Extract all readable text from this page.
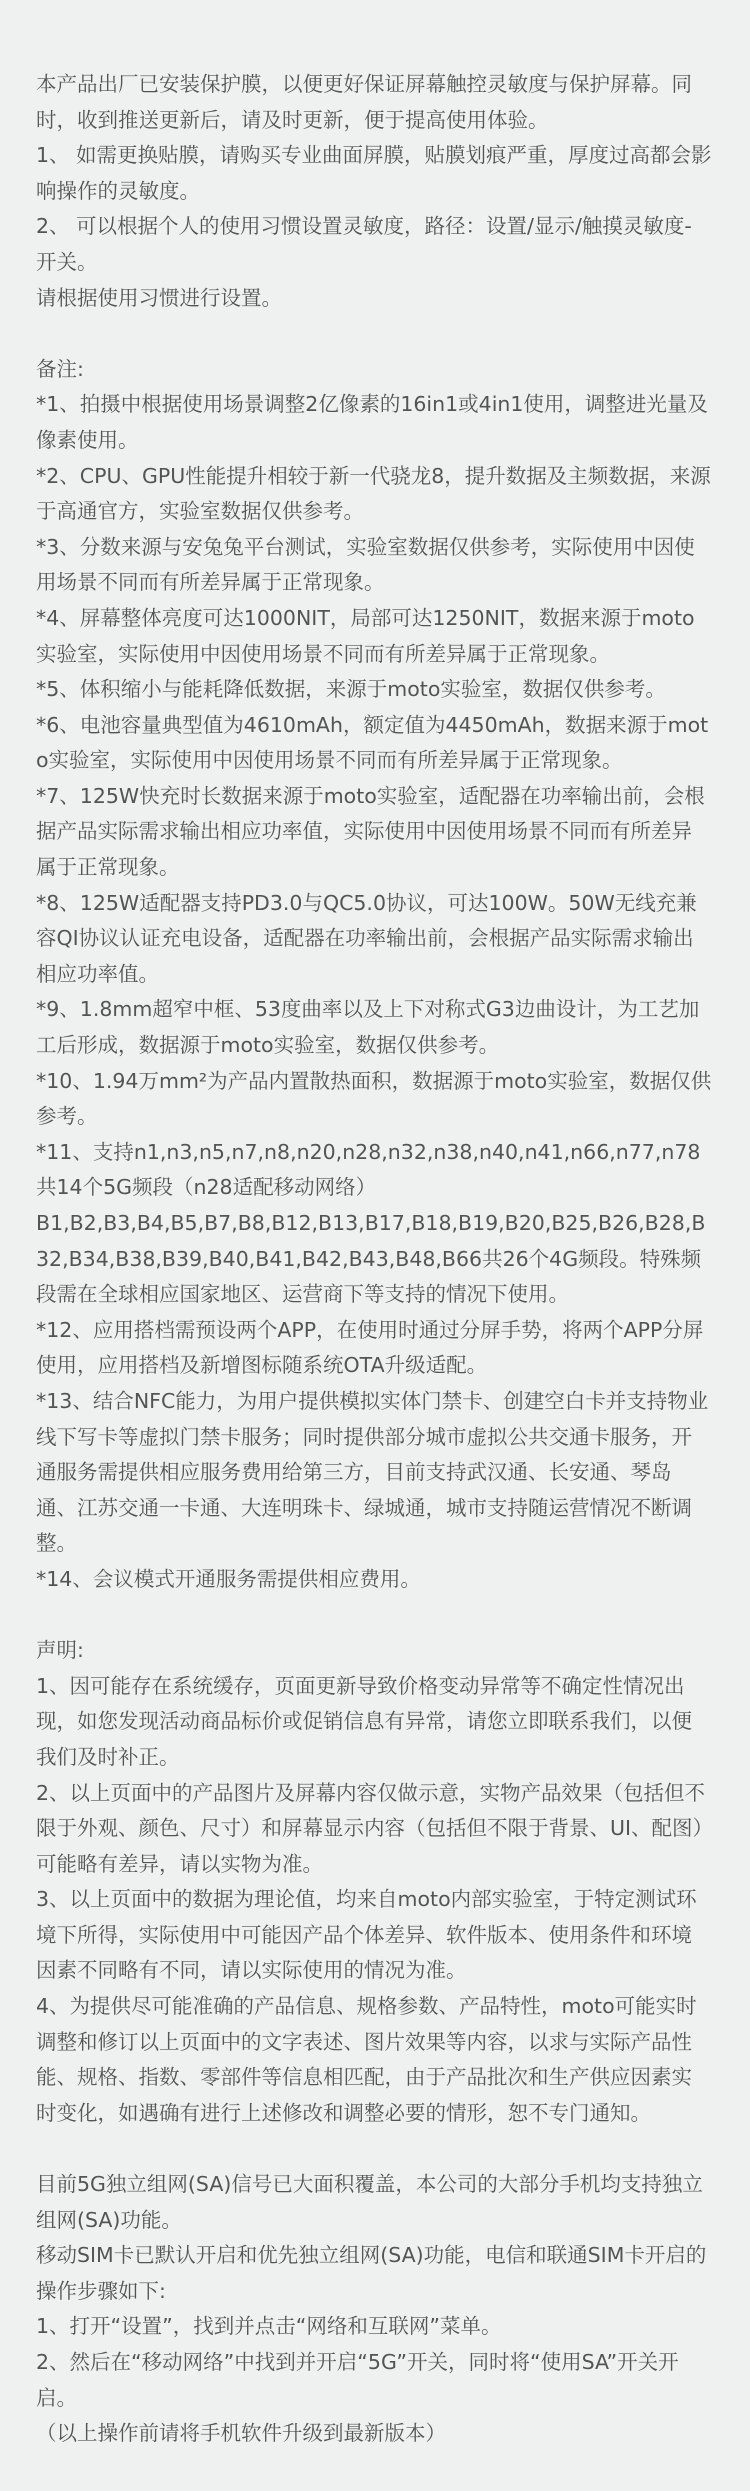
本产品出厂已安装保护膜，以便更好保证屏幕触控灵敏度与保护屏幕。同时，收到推送更新后，请及时更新，便于提高使用体验。

1、 如需更换贴膜，请购买专业曲面屏膜，贴膜划痕严重，厚度过高都会影响操作的灵敏度。

2、 可以根据个人的使用习惯设置灵敏度，路径：设置/显示/触摸灵敏度-开关。

请根据使用习惯进行设置。

备注:

*1、拍摄中根据使用场景调整2亿像素的16in1或4in1使用，调整进光量及像素使用。

*2、CPU、GPU性能提升相较于新一代骁龙8，提升数据及主频数据，来源于高通官方，实验室数据仅供参考。

*3、分数来源与安兔兔平台测试，实验室数据仅供参考，实际使用中因使用场景不同而有所差异属于正常现象。

*4、屏幕整体亮度可达1000NIT，局部可达1250NIT，数据来源于moto实验室，实际使用中因使用场景不同而有所差异属于正常现象。

*5、体积缩小与能耗降低数据，来源于moto实验室，数据仅供参考。

*6、电池容量典型值为4610mAh，额定值为4450mAh，数据来源于moto实验室，实际使用中因使用场景不同而有所差异属于正常现象。

*7、125W快充时长数据来源于moto实验室，适配器在功率输出前，会根据产品实际需求输出相应功率值，实际使用中因使用场景不同而有所差异属于正常现象。

*8、125W适配器支持PD3.0与QC5.0协议，可达100W。50W无线充兼容QI协议认证充电设备，适配器在功率输出前，会根据产品实际需求输出相应功率值。

*9、1.8mm超窄中框、53度曲率以及上下对称式G3边曲设计，为工艺加工后形成，数据源于moto实验室，数据仅供参考。

*10、1.94万mm²为产品内置散热面积，数据源于moto实验室，数据仅供参考。

*11、支持n1,n3,n5,n7,n8,n20,n28,n32,n38,n40,n41,n66,n77,n78共14个5G频段（n28适配移动网络）

B1,B2,B3,B4,B5,B7,B8,B12,B13,B17,B18,B19,B20,B25,B26,B28,B32,B34,B38,B39,B40,B41,B42,B43,B48,B66共26个4G频段。特殊频段需在全球相应国家地区、运营商下等支持的情况下使用。

*12、应用搭档需预设两个APP，在使用时通过分屏手势，将两个APP分屏使用，应用搭档及新增图标随系统OTA升级适配。

*13、结合NFC能力，为用户提供模拟实体门禁卡、创建空白卡并支持物业线下写卡等虚拟门禁卡服务；同时提供部分城市虚拟公共交通卡服务，开通服务需提供相应服务费用给第三方，目前支持武汉通、长安通、琴岛通、江苏交通一卡通、大连明珠卡、绿城通，城市支持随运营情况不断调整。

*14、会议模式开通服务需提供相应费用。

声明:

1、因可能存在系统缓存，页面更新导致价格变动异常等不确定性情况出现，如您发现活动商品标价或促销信息有异常，请您立即联系我们，以便我们及时补正。

2、以上页面中的产品图片及屏幕内容仅做示意，实物产品效果（包括但不限于外观、颜色、尺寸）和屏幕显示内容（包括但不限于背景、UI、配图）可能略有差异，请以实物为准。

3、以上页面中的数据为理论值，均来自moto内部实验室，于特定测试环境下所得，实际使用中可能因产品个体差异、软件版本、使用条件和环境因素不同略有不同，请以实际使用的情况为准。

4、为提供尽可能准确的产品信息、规格参数、产品特性，moto可能实时调整和修订以上页面中的文字表述、图片效果等内容，以求与实际产品性能、规格、指数、零部件等信息相匹配，由于产品批次和生产供应因素实时变化，如遇确有进行上述修改和调整必要的情形，恕不专门通知。

目前5G独立组网(SA)信号已大面积覆盖，本公司的大部分手机均支持独立组网(SA)功能。

移动SIM卡已默认开启和优先独立组网(SA)功能，电信和联通SIM卡开启的操作步骤如下:

1、打开“设置”，找到并点击“网络和互联网”菜单。

2、然后在“移动网络”中找到并开启“5G”开关，同时将“使用SA”开关开启。

（以上操作前请将手机软件升级到最新版本）
